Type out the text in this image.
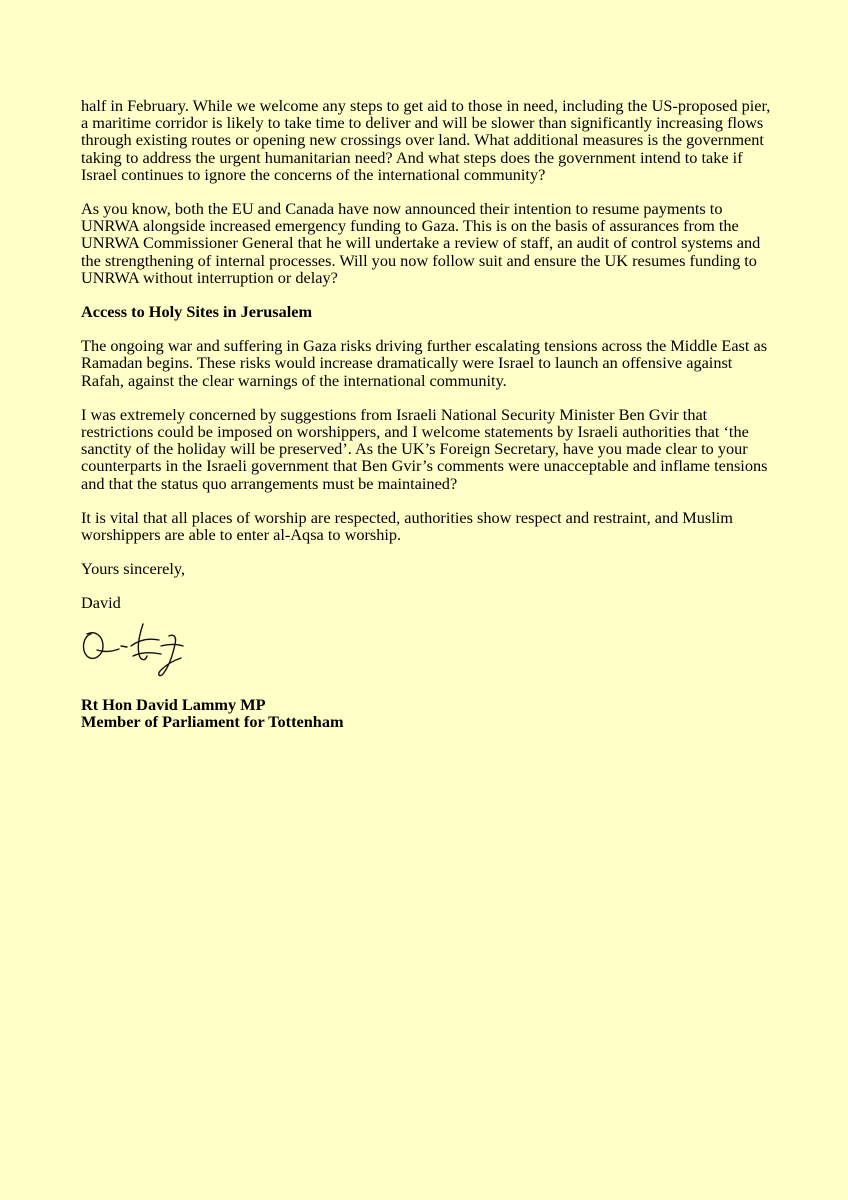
half in February. While we welcome any steps to get aid to those in need, including the US-proposed pier, a maritime corridor is likely to take time to deliver and will be slower than significantly increasing flows through existing routes or opening new crossings over land. What additional measures is the government taking to address the urgent humanitarian need? And what steps does the government intend to take if Israel continues to ignore the concerns of the international community?

As you know, both the EU and Canada have now announced their intention to resume payments to UNRWA alongside increased emergency funding to Gaza. This is on the basis of assurances from the UNRWA Commissioner General that he will undertake a review of staff, an audit of control systems and the strengthening of internal processes. Will you now follow suit and ensure the UK resumes funding to UNRWA without interruption or delay?

Access to Holy Sites in Jerusalem

The ongoing war and suffering in Gaza risks driving further escalating tensions across the Middle East as Ramadan begins. These risks would increase dramatically were Israel to launch an offensive against Rafah, against the clear warnings of the international community.

I was extremely concerned by suggestions from Israeli National Security Minister Ben Gvir that restrictions could be imposed on worshippers, and I welcome statements by Israeli authorities that ‘the sanctity of the holiday will be preserved’. As the UK’s Foreign Secretary, have you made clear to your counterparts in the Israeli government that Ben Gvir’s comments were unacceptable and inflame tensions and that the status quo arrangements must be maintained?

It is vital that all places of worship are respected, authorities show respect and restraint, and Muslim worshippers are able to enter al-Aqsa to worship.

Yours sincerely,

David

Rt Hon David Lammy MP
Member of Parliament for Tottenham
